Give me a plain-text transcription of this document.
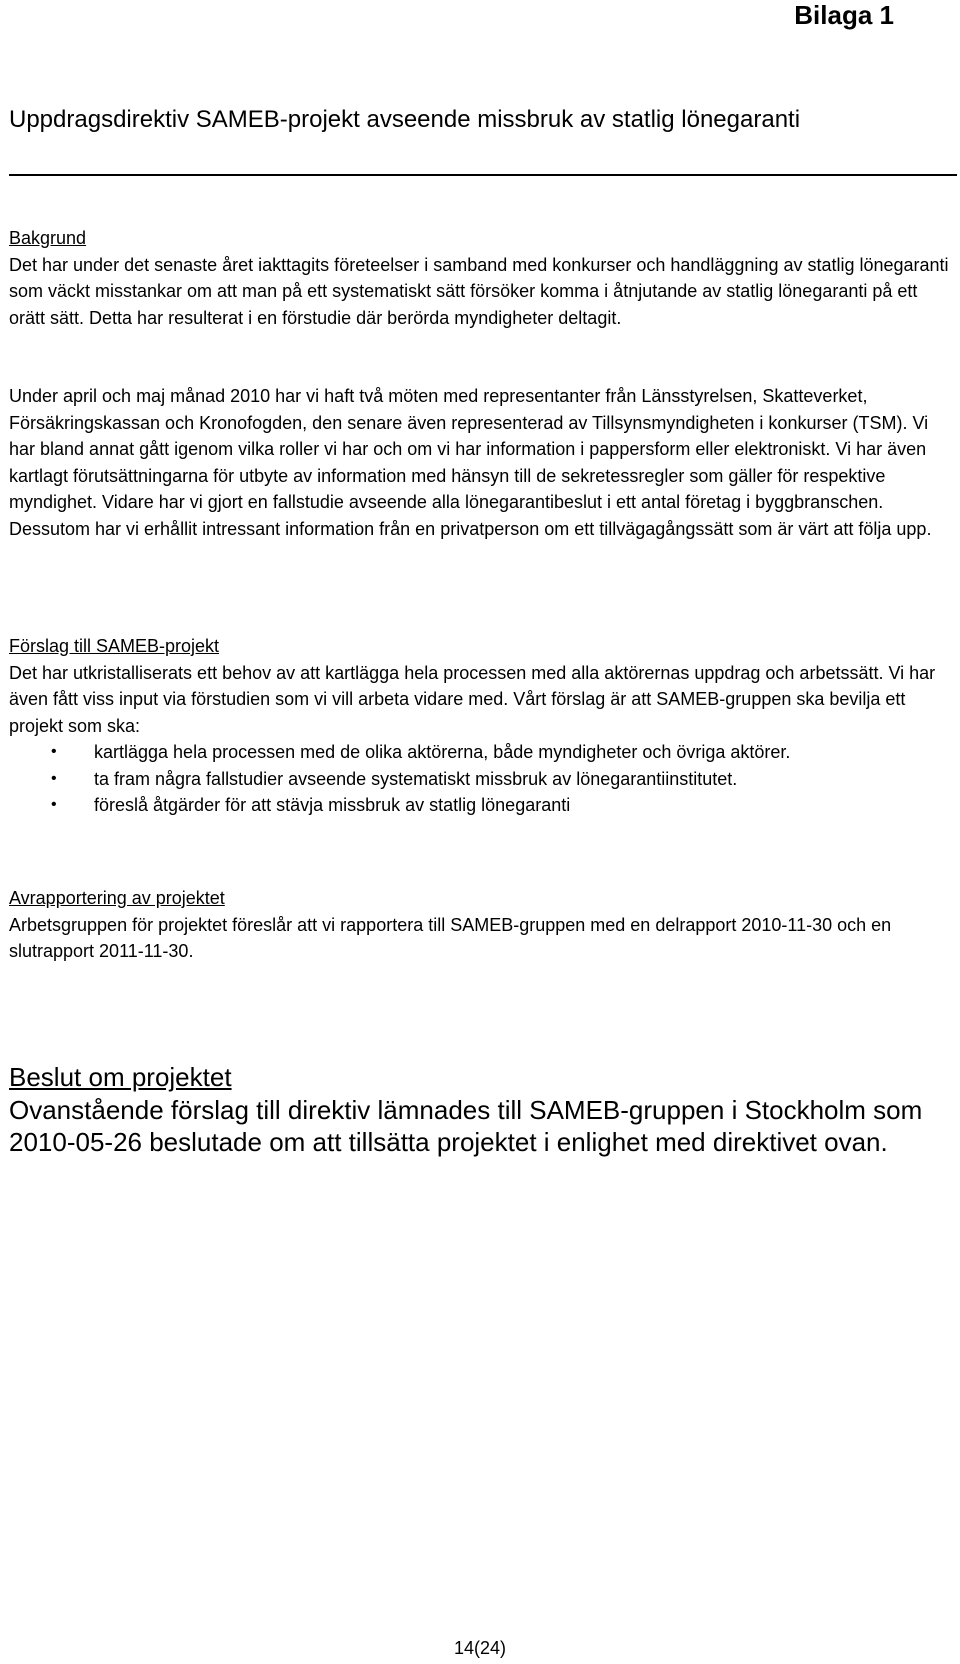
Bilaga 1
Uppdragsdirektiv SAMEB-projekt avseende missbruk av statlig lönegaranti

Bakgrund

Det har under det senaste året iakttagits företeelser i samband med konkurser och handläggning av statlig lönegaranti som väckt misstankar om att man på ett systematiskt sätt försöker komma i åtnjutande av statlig lönegaranti på ett orätt sätt. Detta har resulterat i en förstudie där berörda myndigheter deltagit.

Under april och maj månad 2010 har vi haft två möten med representanter från Länsstyrelsen, Skatteverket, Försäkringskassan och Kronofogden, den senare även representerad av Tillsynsmyndigheten i konkurser (TSM). Vi har bland annat gått igenom vilka roller vi har och om vi har information i pappersform eller elektroniskt. Vi har även kartlagt förutsättningarna för utbyte av information med hänsyn till de sekretessregler som gäller för respektive myndighet. Vidare har vi gjort en fallstudie avseende alla lönegarantibeslut i ett antal företag i byggbranschen. Dessutom har vi erhållit intressant information från en privatperson om ett tillvägagångssätt som är värt att följa upp.

Förslag till SAMEB-projekt

Det har utkristalliserats ett behov av att kartlägga hela processen med alla aktörernas uppdrag och arbetssätt. Vi har även fått viss input via förstudien som vi vill arbeta vidare med. Vårt förslag är att SAMEB-gruppen ska bevilja ett projekt som ska:

• kartlägga hela processen med de olika aktörerna, både myndigheter och övriga aktörer.
• ta fram några fallstudier avseende systematiskt missbruk av lönegarantiinstitutet.
• föreslå åtgärder för att stävja missbruk av statlig lönegaranti

Avrapportering av projektet

Arbetsgruppen för projektet föreslår att vi rapportera till SAMEB-gruppen med en delrapport 2010-11-30 och en slutrapport 2011-11-30.

Beslut om projektet

Ovanstående förslag till direktiv lämnades till SAMEB-gruppen i Stockholm som 2010-05-26 beslutade om att tillsätta projektet i enlighet med direktivet ovan.

14(24)
